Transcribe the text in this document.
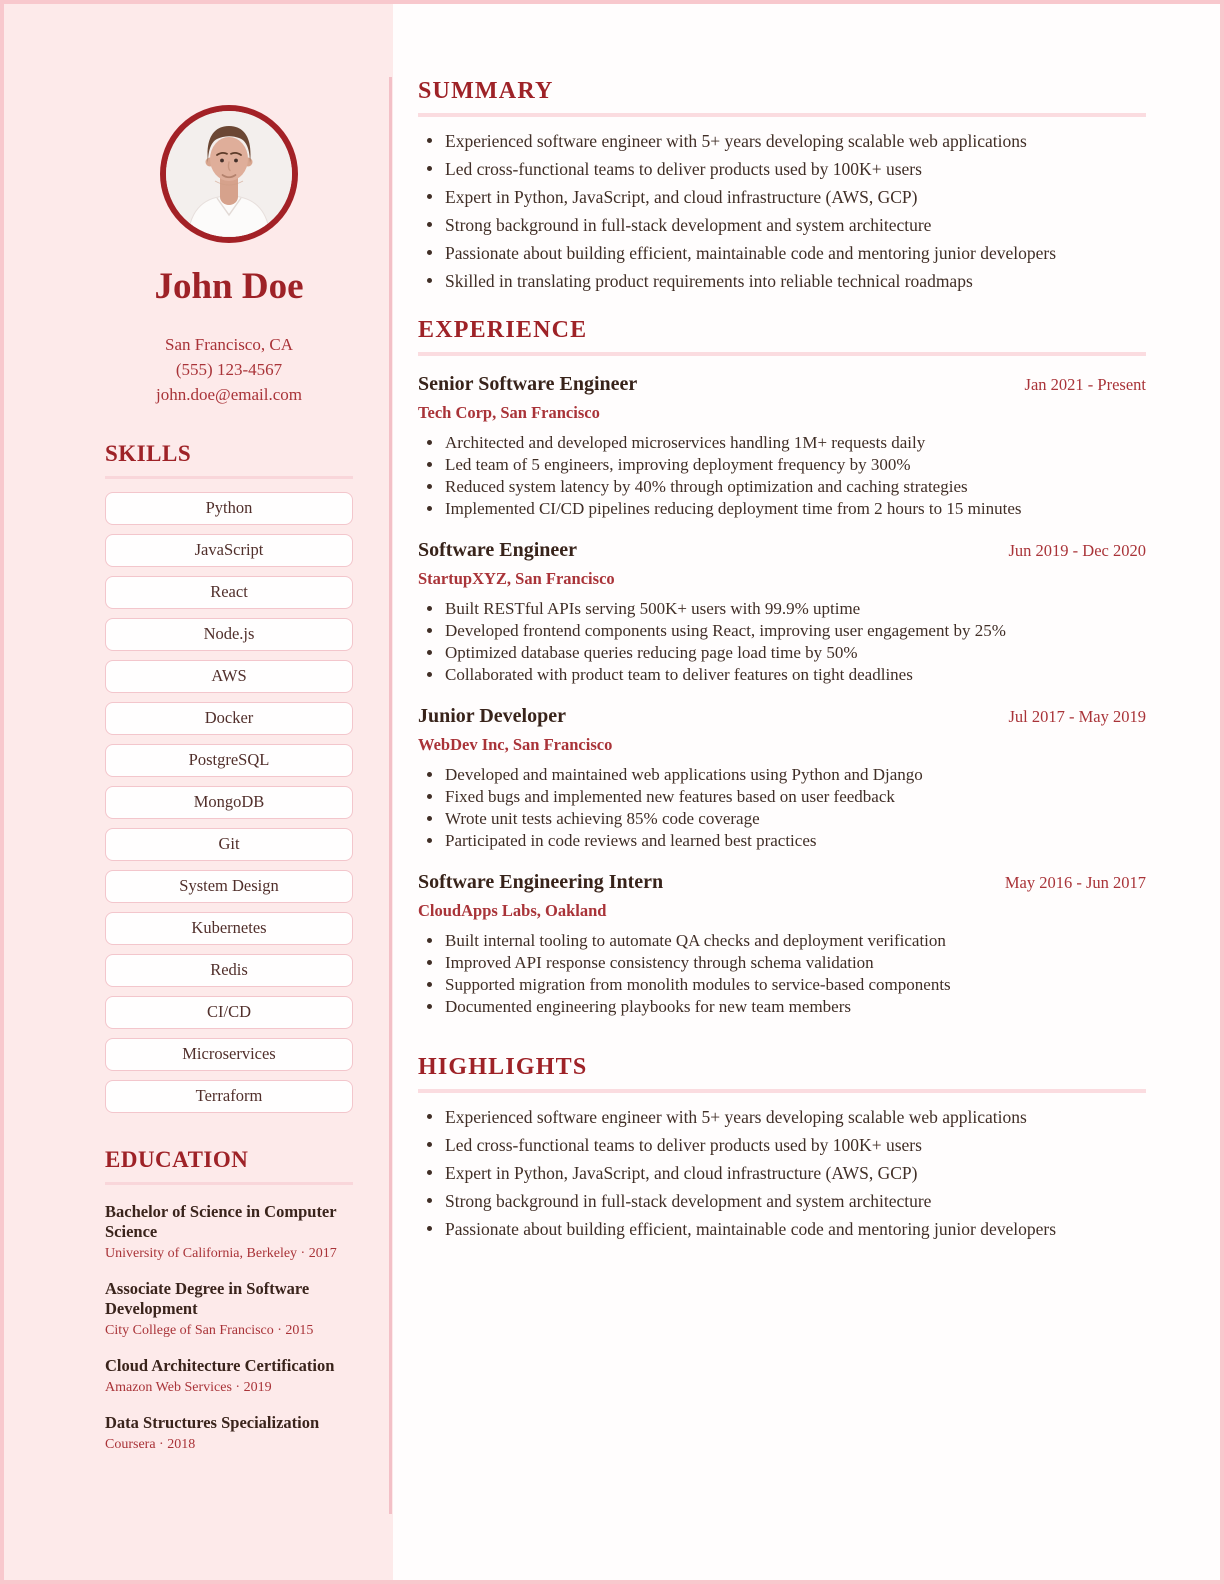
John Doe
San Francisco, CA
(555) 123-4567
john.doe@email.com
SKILLS
Python
JavaScript
React
Node.js
AWS
Docker
PostgreSQL
MongoDB
Git
System Design
Kubernetes
Redis
CI/CD
Microservices
Terraform
EDUCATION
Bachelor of Science in Computer Science
University of California, Berkeley · 2017
Associate Degree in Software Development
City College of San Francisco · 2015
Cloud Architecture Certification
Amazon Web Services · 2019
Data Structures Specialization
Coursera · 2018
SUMMARY
Experienced software engineer with 5+ years developing scalable web applications
Led cross-functional teams to deliver products used by 100K+ users
Expert in Python, JavaScript, and cloud infrastructure (AWS, GCP)
Strong background in full-stack development and system architecture
Passionate about building efficient, maintainable code and mentoring junior developers
Skilled in translating product requirements into reliable technical roadmaps
EXPERIENCE
Senior Software Engineer	Jan 2021 - Present
Tech Corp, San Francisco
Architected and developed microservices handling 1M+ requests daily
Led team of 5 engineers, improving deployment frequency by 300%
Reduced system latency by 40% through optimization and caching strategies
Implemented CI/CD pipelines reducing deployment time from 2 hours to 15 minutes
Software Engineer	Jun 2019 - Dec 2020
StartupXYZ, San Francisco
Built RESTful APIs serving 500K+ users with 99.9% uptime
Developed frontend components using React, improving user engagement by 25%
Optimized database queries reducing page load time by 50%
Collaborated with product team to deliver features on tight deadlines
Junior Developer	Jul 2017 - May 2019
WebDev Inc, San Francisco
Developed and maintained web applications using Python and Django
Fixed bugs and implemented new features based on user feedback
Wrote unit tests achieving 85% code coverage
Participated in code reviews and learned best practices
Software Engineering Intern	May 2016 - Jun 2017
CloudApps Labs, Oakland
Built internal tooling to automate QA checks and deployment verification
Improved API response consistency through schema validation
Supported migration from monolith modules to service-based components
Documented engineering playbooks for new team members
HIGHLIGHTS
Experienced software engineer with 5+ years developing scalable web applications
Led cross-functional teams to deliver products used by 100K+ users
Expert in Python, JavaScript, and cloud infrastructure (AWS, GCP)
Strong background in full-stack development and system architecture
Passionate about building efficient, maintainable code and mentoring junior developers
